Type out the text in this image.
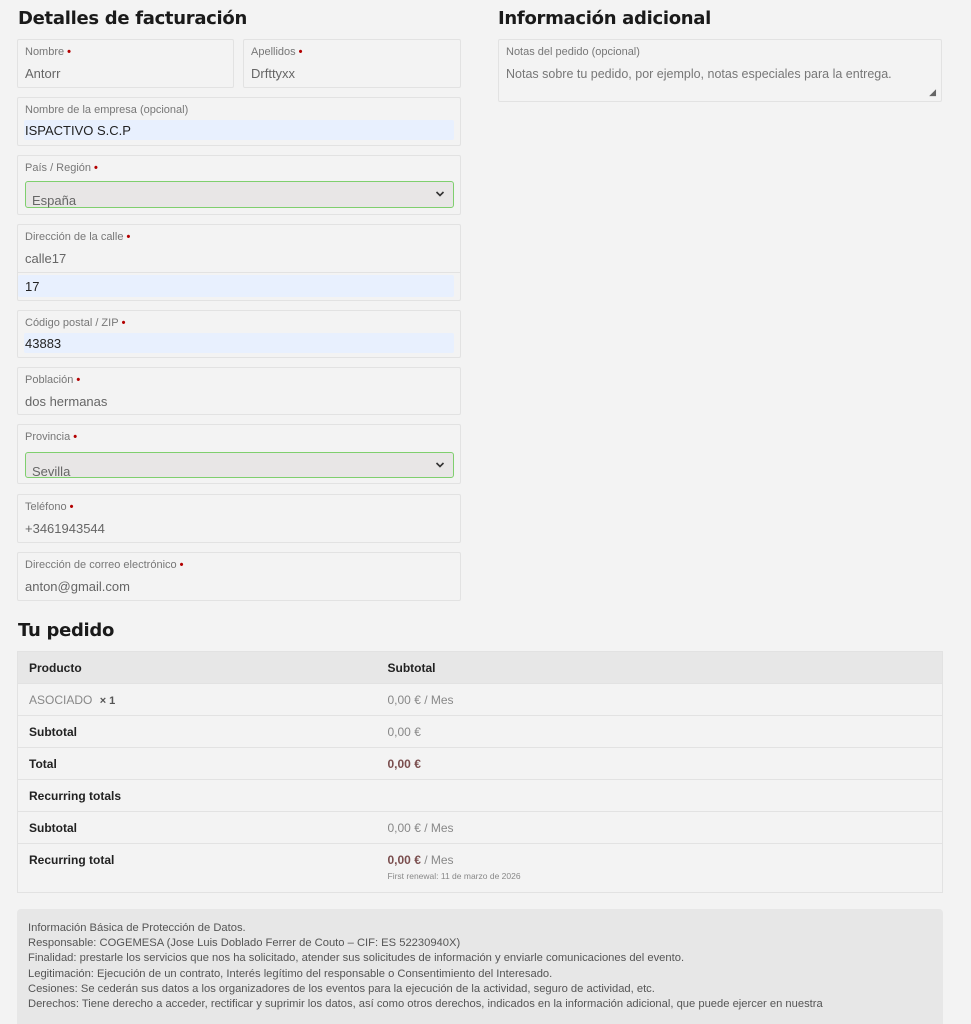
Detalles de facturación
Nombre •
Antorr
Apellidos •
Drfttyxx
Nombre de la empresa (opcional)
ISPACTIVO S.C.P
País / Región •
España
Dirección de la calle •
calle17
17
Código postal / ZIP •
43883
Población •
dos hermanas
Provincia •
Sevilla
Teléfono •
+3461943544
Dirección de correo electrónico •
anton@gmail.com
Información adicional
Notas del pedido (opcional)
Notas sobre tu pedido, por ejemplo, notas especiales para la entrega.
◢
Tu pedido
Producto	Subtotal
ASOCIADO × 1	0,00 € / Mes
Subtotal	0,00 €
Total	0,00 €
Recurring totals	
Subtotal	0,00 € / Mes
Recurring total	0,00 € / Mes
First renewal: 11 de marzo de 2026
Información Básica de Protección de Datos.
Responsable: COGEMESA (Jose Luis Doblado Ferrer de Couto – CIF: ES 52230940X)
Finalidad: prestarle los servicios que nos ha solicitado, atender sus solicitudes de información y enviarle comunicaciones del evento.
Legitimación: Ejecución de un contrato, Interés legítimo del responsable o Consentimiento del Interesado.
Cesiones: Se cederán sus datos a los organizadores de los eventos para la ejecución de la actividad, seguro de actividad, etc.
Derechos: Tiene derecho a acceder, rectificar y suprimir los datos, así como otros derechos, indicados en la información adicional, que puede ejercer en nuestra
